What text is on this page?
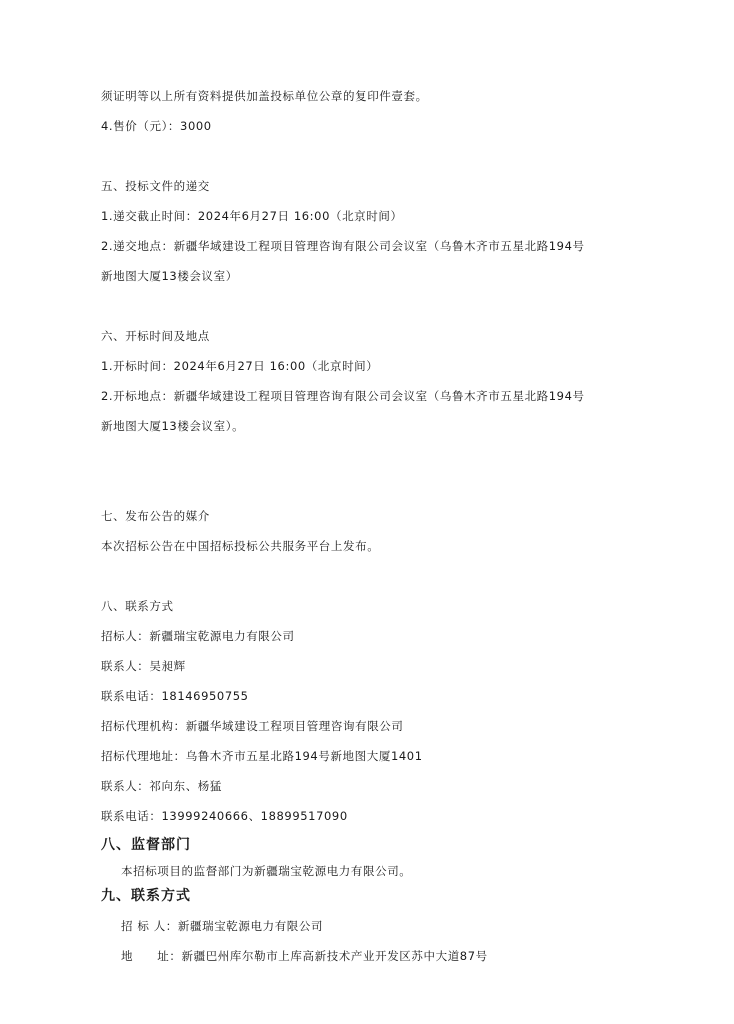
须证明等以上所有资料提供加盖投标单位公章的复印件壹套。
4.售价（元）：3000
五、投标文件的递交
1.递交截止时间：2024年6月27日 16:00（北京时间）
2.递交地点：新疆华域建设工程项目管理咨询有限公司会议室（乌鲁木齐市五星北路194号
新地图大厦13楼会议室）
六、开标时间及地点
1.开标时间：2024年6月27日 16:00（北京时间）
2.开标地点：新疆华域建设工程项目管理咨询有限公司会议室（乌鲁木齐市五星北路194号
新地图大厦13楼会议室）。
七、发布公告的媒介
本次招标公告在中国招标投标公共服务平台上发布。
八、联系方式
招标人：新疆瑞宝乾源电力有限公司
联系人：吴昶辉
联系电话：18146950755
招标代理机构：新疆华域建设工程项目管理咨询有限公司
招标代理地址：乌鲁木齐市五星北路194号新地图大厦1401
联系人：祁向东、杨猛
联系电话：13999240666、18899517090
八、监督部门
本招标项目的监督部门为新疆瑞宝乾源电力有限公司。
九、联系方式
招 标 人：新疆瑞宝乾源电力有限公司
地　　址：新疆巴州库尔勒市上库高新技术产业开发区苏中大道87号
